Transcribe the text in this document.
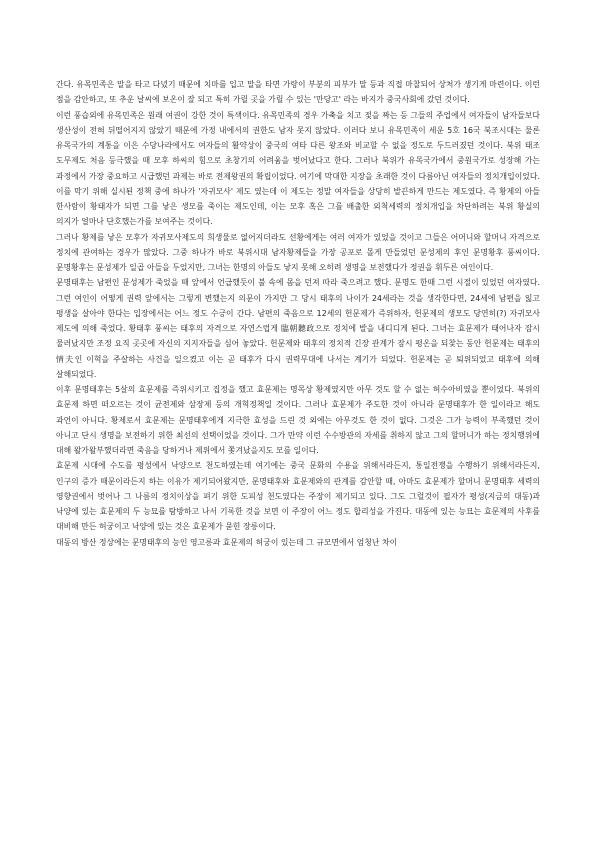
간다. 유목민족은 말을 타고 다녔기 때문에 치마를 입고 말을 타면 가랑이 부분의 피부가 말 등과 직접 마찰되어 상처가 생기게 마련이다. 이런 점을 감안하고, 또 추운 날씨에 보온이 잘 되고 특히 가릴 곳을 가릴 수 있는 '만당고' 라는 바지가 중국사회에 갔던 것이다.

이런 풍습외에 유목민족은 원래 여권이 강한 것이 특색이다. 유목민족의 경우 가축을 치고 젖을 짜는 등 그들의 주업에서 여자들이 남자들보다 생산성이 전혀 뒤떨어지지 않았기 때문에 가정 내에서의 권한도 남자 못지 않았다. 이러다 보니 유목민족이 세운 5호 16국 북조시대는 물론 유목국가의 계통을 이은 수당나라에서도 여자들의 활약상이 중국의 여타 다른 왕조와 비교할 수 없을 정도로 두드러졌던 것이다. 북위 태조 도무제도 처음 등극했을 때 모후 하씨의 힘으로 초창기의 어려움을 벗어났다고 한다. 그러나 북위가 유목국가에서 중원국가로 성장해 가는 과정에서 가장 중요하고 시급했던 과제는 바로 전제왕권의 확립이었다. 여기에 막대한 지장을 초래한 것이 다름아닌 여자들의 정치개입이었다. 이를 막기 위해 실시된 정책 중에 하나가 '자귀모사' 제도 였는데 이 제도는 정말 여자들을 상당히 발끈하게 만드는 제도였다. 즉 황제의 아들 한사람이 황태자가 되면 그를 낳은 생모를 죽이는 제도인데, 이는 모후 혹은 그를 배출한 외척세력의 정치개입을 차단하려는 북위 황실의 의지가 얼마나 단호했는가를 보여주는 것이다.

그러나 황제를 낳은 모후가 자귀모사제도의 희생물로 없어지더라도 선황에게는 여러 여자가 있었을 것이고 그들은 어머니와 할머니 자격으로 정치에 관여하는 경우가 많았다. 그중 하나가 바로 북위시대 남자황제들을 가장 공포로 몰게 만들었던 문성제의 후인 문명황후 풍씨이다. 문명황후는 문성제가 일곱 아들을 두었지만, 그녀는 한명의 아들도 낳지 못해 오히려 생명을 보전했다가 정권을 휘두른 여인이다.

문명태후는 남편인 문성제가 죽었을 때 앞에서 언급했듯이 불 속에 몸을 던져 따라 죽으려고 했다. 문명도 한때 그런 시절이 있었던 여자였다. 그런 여인이 어떻게 권력 앞에서는 그렇게 변했는지 의문이 가지만 그 당시 태후의 나이가 24세라는 것을 생각한다면, 24세에 남편을 잃고 평생을 살아야 한다는 입장에서는 어느 정도 수긍이 간다. 남편의 죽음으로 12세의 헌문제가 즉위하자, 헌문제의 생모도 당연히(?) 자귀모사 제도에 의해 죽었다. 황태후 풍씨는 태후의 자격으로 자연스럽게 臨朝聽政으로 정치에 발을 내디디게 된다. 그녀는 효문제가 태어나자 잠시 물러났지만 조정 요직 곳곳에 자신의 지지자들을 심어 놓았다. 헌문제와 태후의 정치적 긴장 관계가 잠시 평온을 되찾는 동안 헌문제는 태후의 情夫인 이혁을 주살하는 사건을 일으켰고 이는 곧 태후가 다시 권력무대에 나서는 계기가 되었다. 헌문제는 곧 퇴위되었고 태후에 의해 살해되었다.

이후 문명태후는 5살의 효문제를 즉위시키고 집정을 했고 효문제는 명목상 황제였지만 아무 것도 할 수 없는 허수아비였을 뿐이었다. 북위의 효문제 하면 떠오르는 것이 균전제와 삼장제 등의 개혁정책일 것이다. 그러나 효문제가 주도한 것이 아니라 문명태후가 한 일이라고 해도 과언이 아니다. 황제로서 효문제는 문명태후에게 지극한 효성을 드린 것 외에는 아무것도 한 것이 없다. 그것은 그가 능력이 부족했던 것이 아니고 단시 생명을 보전하기 위한 최선의 선택이었을 것이다. 그가 만약 이런 수수방관의 자세를 취하지 않고 그의 할머니가 하는 정치행위에 대해 왈가왈부했더라면 죽음을 당하거나 제위에서 쫓겨났을지도 모를 일이다.

효문제 시대에 수도를 평성에서 낙양으로 천도하였는데 여기에는 중국 문화의 수용을 위해서라든지, 통일전쟁을 수행하기 위해서라든지, 인구의 증가 때문이라든지 하는 이유가 제기되어왔지만, 문명태후와 효문제와의 관계를 감안할 때, 아마도 효문제가 할머니 문명태후 세력의 영향권에서 벗어나 그 나름의 정치이상을 펴기 위한 도피성 천도였다는 주장이 제기되고 있다. 그도 그럴것이 필자가 평성(지금의 대동)과 낙양에 있는 효문제의 두 능묘를 탐방하고 나서 기록한 것을 보면 이 주장이 어느 정도 합리성을 가진다. 대동에 있는 능묘는 효문제의 사후를 대비해 만든 허궁이고 낙양에 있는 것은 효문제가 묻힌 장릉이다.

대동의 방산 정상에는 문명태후의 능인 영고릉과 효문제의 허궁이 있는데 그 규모면에서 엄청난 차이
